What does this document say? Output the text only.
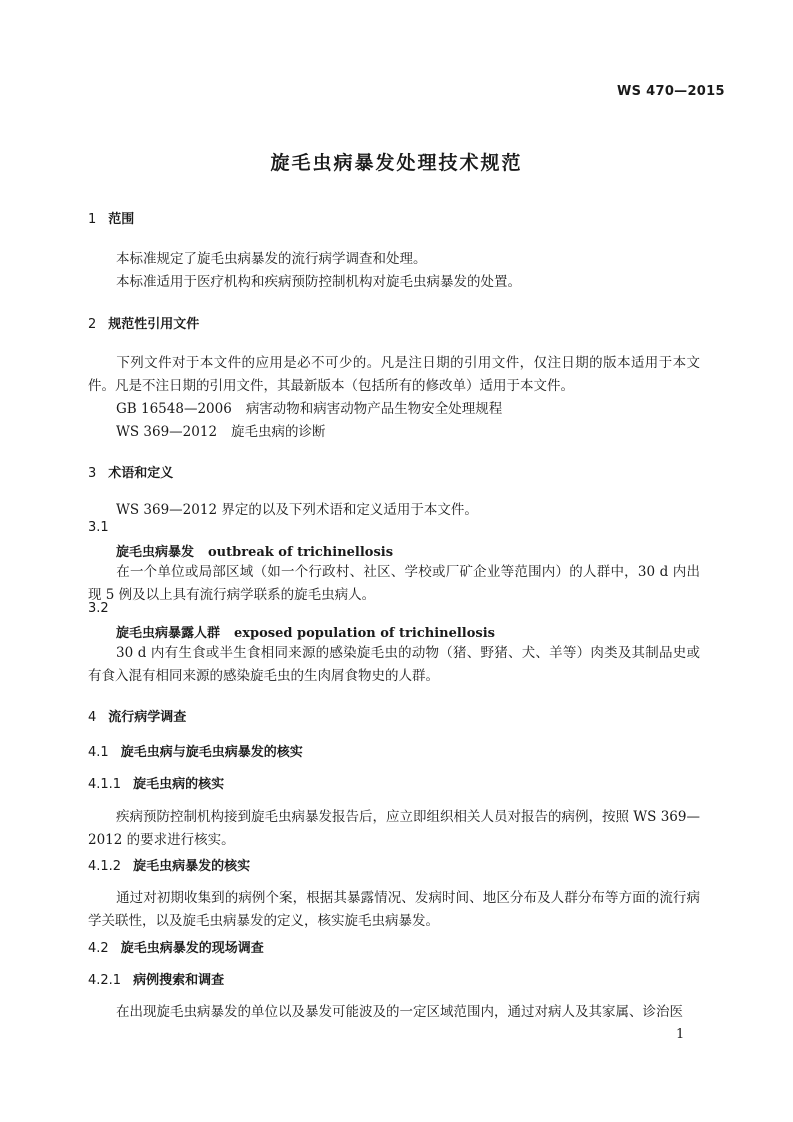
WS 470—2015
旋毛虫病暴发处理技术规范
1 范围
本标准规定了旋毛虫病暴发的流行病学调查和处理。
本标准适用于医疗机构和疾病预防控制机构对旋毛虫病暴发的处置。
2 规范性引用文件
下列文件对于本文件的应用是必不可少的。凡是注日期的引用文件，仅注日期的版本适用于本文件。凡是不注日期的引用文件，其最新版本（包括所有的修改单）适用于本文件。
GB 16548—2006 病害动物和病害动物产品生物安全处理规程
WS 369—2012 旋毛虫病的诊断
3 术语和定义
WS 369—2012 界定的以及下列术语和定义适用于本文件。
3.1
旋毛虫病暴发 outbreak of trichinellosis
在一个单位或局部区域（如一个行政村、社区、学校或厂矿企业等范围内）的人群中，30 d 内出现 5 例及以上具有流行病学联系的旋毛虫病人。
3.2
旋毛虫病暴露人群 exposed population of trichinellosis
30 d 内有生食或半生食相同来源的感染旋毛虫的动物（猪、野猪、犬、羊等）肉类及其制品史或有食入混有相同来源的感染旋毛虫的生肉屑食物史的人群。
4 流行病学调查
4.1 旋毛虫病与旋毛虫病暴发的核实
4.1.1 旋毛虫病的核实
疾病预防控制机构接到旋毛虫病暴发报告后，应立即组织相关人员对报告的病例，按照 WS 369—2012 的要求进行核实。
4.1.2 旋毛虫病暴发的核实
通过对初期收集到的病例个案，根据其暴露情况、发病时间、地区分布及人群分布等方面的流行病学关联性，以及旋毛虫病暴发的定义，核实旋毛虫病暴发。
4.2 旋毛虫病暴发的现场调查
4.2.1 病例搜索和调查
在出现旋毛虫病暴发的单位以及暴发可能波及的一定区域范围内，通过对病人及其家属、诊治医
1
